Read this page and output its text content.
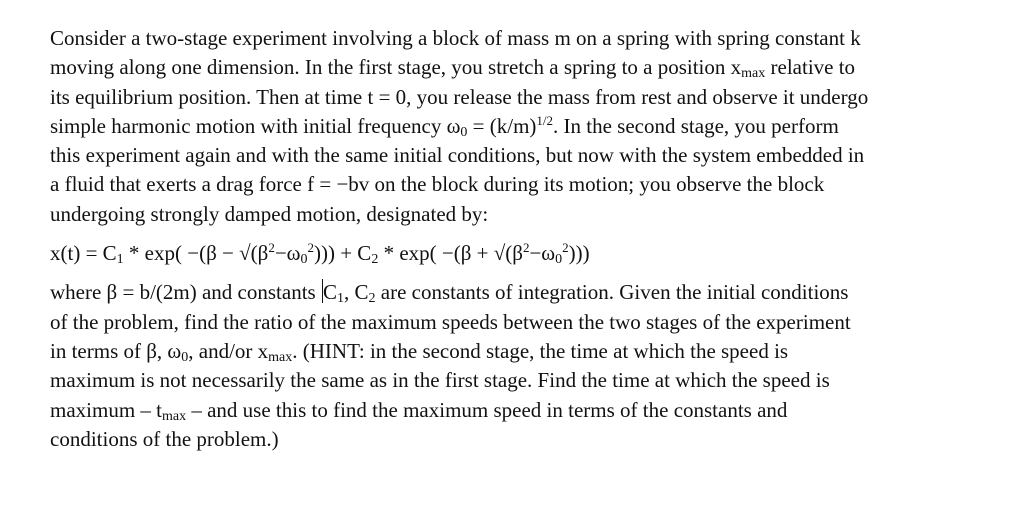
Consider a two-stage experiment involving a block of mass m on a spring with spring constant k
moving along one dimension. In the first stage, you stretch a spring to a position $x_{max}$ relative to
its equilibrium position. Then at time t = 0, you release the mass from rest and observe it undergo
simple harmonic motion with initial frequency $\omega_0 = (k/m)^{1/2}$. In the second stage, you perform
this experiment again and with the same initial conditions, but now with the system embedded in
a fluid that exerts a drag force f = −bv on the block during its motion; you observe the block
undergoing strongly damped motion, designated by:
$x(t) = C_1 * \exp( -(\beta - √(\beta^2-\omega_0^2))) + C_2 * \exp( -(\beta + √(\beta^2-\omega_0^2)))$
where β = b/(2m) and constants $C_1$, $C_2$ are constants of integration. Given the initial conditions
of the problem, find the ratio of the maximum speeds between the two stages of the experiment
in terms of β, $\omega_0$, and/or $x_{max}$. (HINT: in the second stage, the time at which the speed is
maximum is not necessarily the same as in the first stage. Find the time at which the speed is
maximum – $t_{max}$ – and use this to find the maximum speed in terms of the constants and
conditions of the problem.)
